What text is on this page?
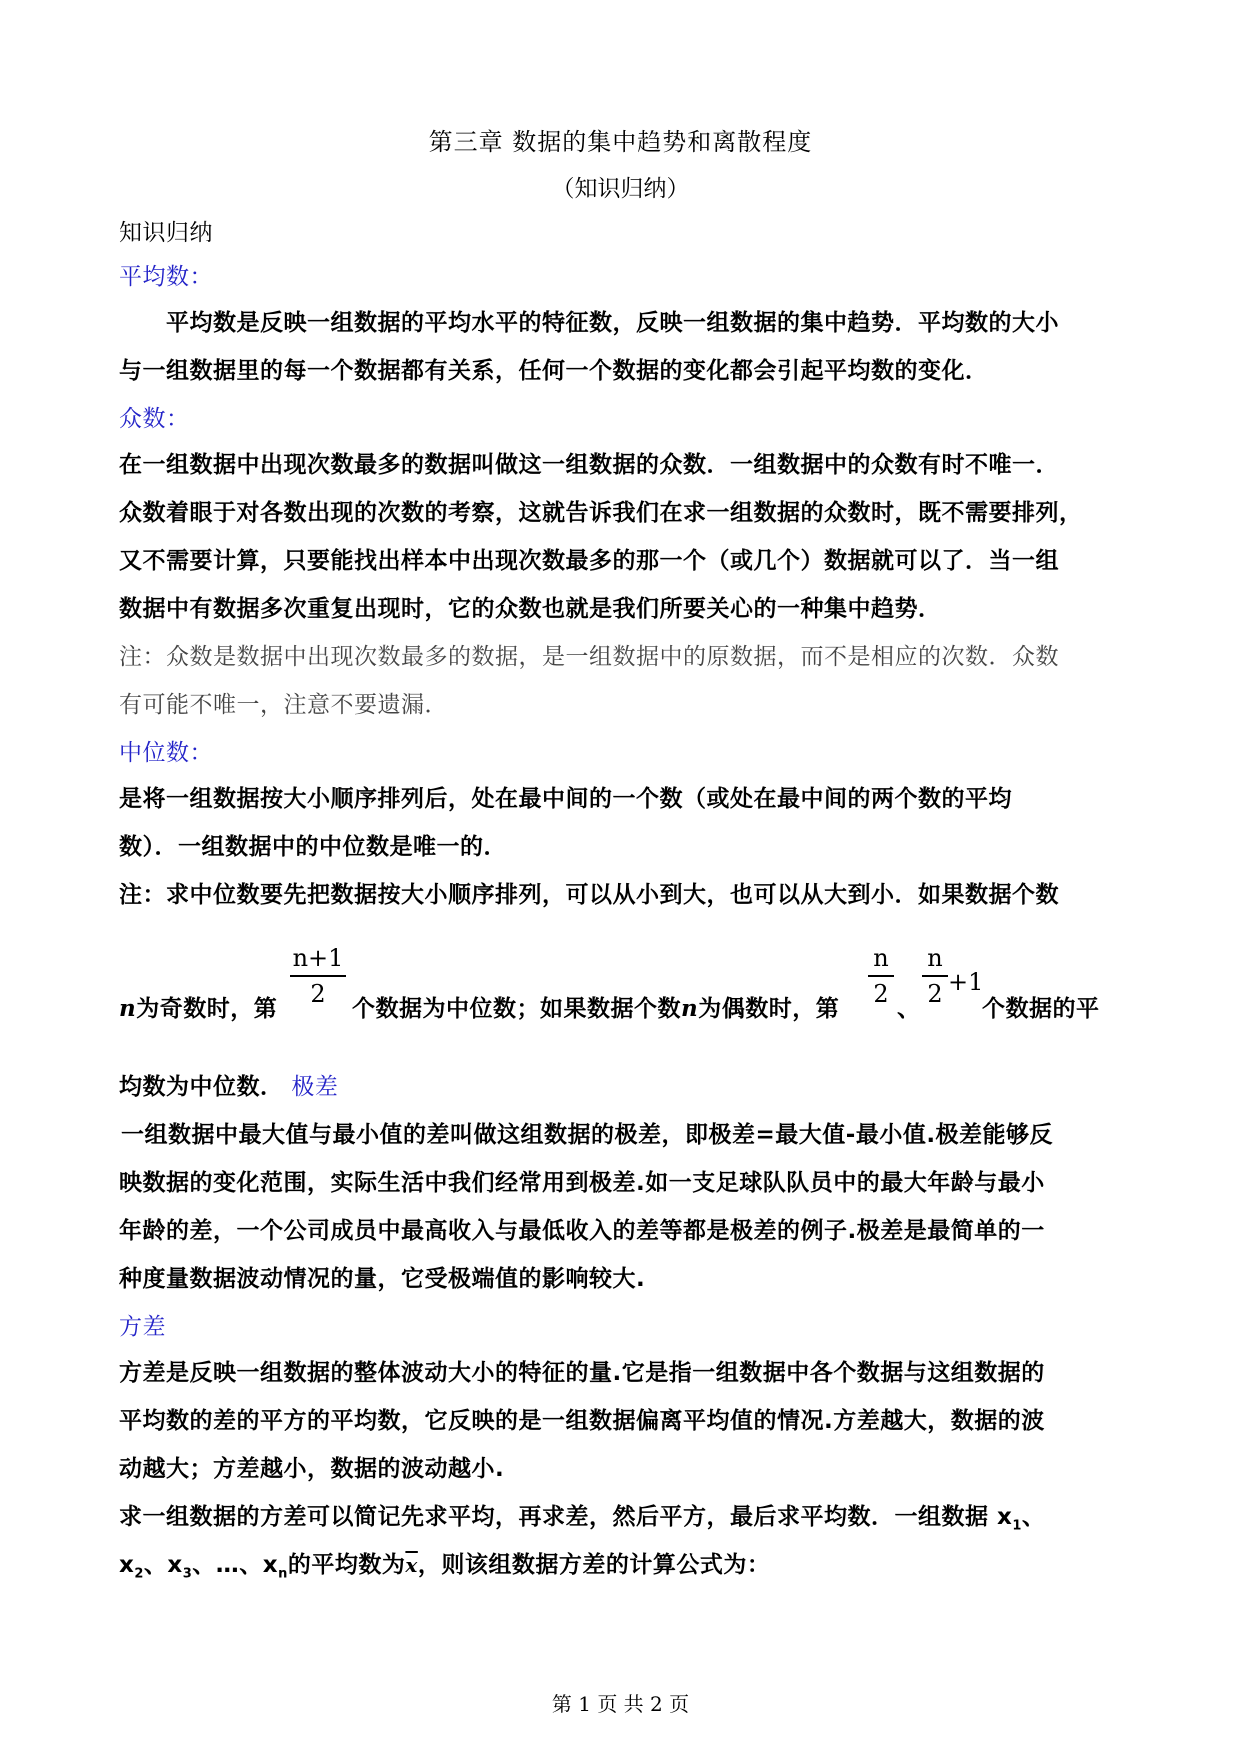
第三章 数据的集中趋势和离散程度
（知识归纳）
知识归纳
平均数：
平均数是反映一组数据的平均水平的特征数，反映一组数据的集中趋势．平均数的大小
与一组数据里的每一个数据都有关系，任何一个数据的变化都会引起平均数的变化．
众数：
在一组数据中出现次数最多的数据叫做这一组数据的众数．一组数据中的众数有时不唯一．
众数着眼于对各数出现的次数的考察，这就告诉我们在求一组数据的众数时，既不需要排列，
又不需要计算，只要能找出样本中出现次数最多的那一个（或几个）数据就可以了．当一组
数据中有数据多次重复出现时，它的众数也就是我们所要关心的一种集中趋势．
注：众数是数据中出现次数最多的数据，是一组数据中的原数据，而不是相应的次数．众数
有可能不唯一，注意不要遗漏．
中位数：
是将一组数据按大小顺序排列后，处在最中间的一个数（或处在最中间的两个数的平均
数）．一组数据中的中位数是唯一的．
注：求中位数要先把数据按大小顺序排列，可以从小到大，也可以从大到小．如果数据个数
n为奇数时，第
n+1
2
个数据为中位数；如果数据个数n为偶数时，第
n
2
、
n
2 +1
个数据的平
均数为中位数． 极差
一组数据中最大值与最小值的差叫做这组数据的极差，即极差=最大值-最小值.极差能够反
映数据的变化范围，实际生活中我们经常用到极差.如一支足球队队员中的最大年龄与最小
年龄的差，一个公司成员中最高收入与最低收入的差等都是极差的例子.极差是最简单的一
种度量数据波动情况的量，它受极端值的影响较大.
方差
方差是反映一组数据的整体波动大小的特征的量.它是指一组数据中各个数据与这组数据的
平均数的差的平方的平均数，它反映的是一组数据偏离平均值的情况.方差越大，数据的波
动越大；方差越小，数据的波动越小.
求一组数据的方差可以简记先求平均，再求差，然后平方，最后求平均数．一组数据 $x_1$、
$x_2$、$x_3$、…、$x_n$的平均数为$\overline{x}$，则该组数据方差的计算公式为：
第 1 页 共 2 页
